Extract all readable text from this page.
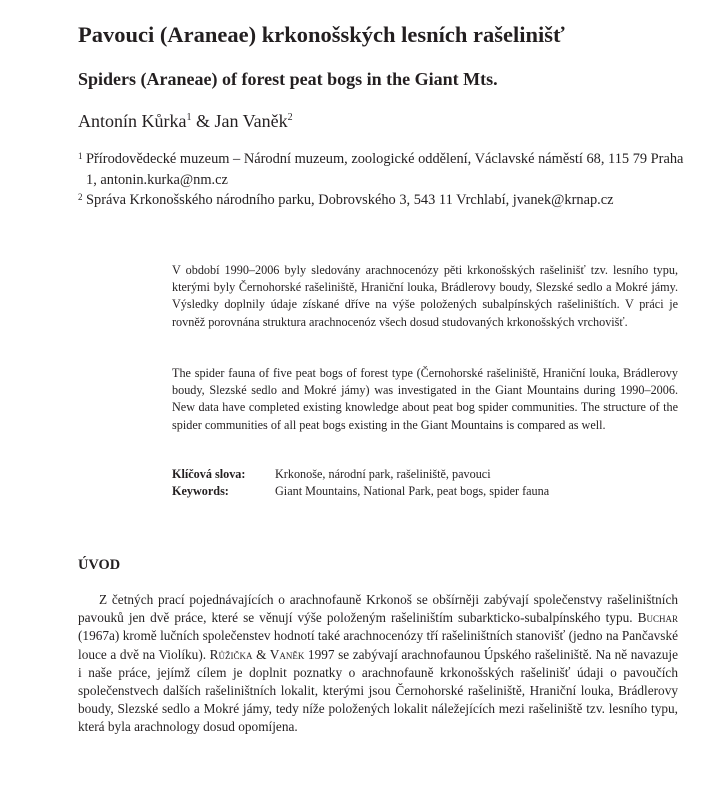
Pavouci (Araneae) krkonošských lesních rašelinišť
Spiders (Araneae) of forest peat bogs in the Giant Mts.
Antonín Kůrka$^1$ & Jan Vaněk$^2$
1 Přírodovědecké muzeum – Národní muzeum, zoologické oddělení, Václavské náměstí 68, 115 79 Praha 1, antonin.kurka@nm.cz
2 Správa Krkonošského národního parku, Dobrovského 3, 543 11 Vrchlabí, jvanek@krnap.cz

V období 1990–2006 byly sledovány arachnocenózy pěti krkonošských rašelinišť tzv. lesního typu, kterými byly Černohorské rašeliniště, Hraniční louka, Brádlerovy boudy, Slezské sedlo a Mokré jámy. Výsledky doplnily údaje získané dříve na výše položených subalpínských rašeliništích. V práci je rovněž porovnána struktura arachnocenóz všech dosud studovaných krkonošských vrchovišť.

The spider fauna of five peat bogs of forest type (Černohorské rašeliniště, Hraniční louka, Brádlerovy boudy, Slezské sedlo and Mokré jámy) was investigated in the Giant Mountains during 1990–2006. New data have completed existing knowledge about peat bog spider communities. The structure of the spider communities of all peat bogs existing in the Giant Mountains is compared as well.

Klíčová slova: Krkonoše, národní park, rašeliniště, pavouci
Keywords:	Giant Mountains, National Park, peat bogs, spider fauna
ÚVOD

Z četných prací pojednávajících o arachnofauně Krkonoš se obšírněji zabývají společenstvy rašeliništních pavouků jen dvě práce, které se věnují výše položeným rašeliništím subarkticko-subalpínského typu. Buchar (1967a) kromě lučních společenstev hodnotí také arachnocenózy tří rašeliništních stanovišť (jedno na Pančavské louce a dvě na Violíku). Růžička & Vaněk 1997 se zabývají arachnofaunou Úpského rašeliniště. Na ně navazuje i naše práce, jejímž cílem je doplnit poznatky o arachnofauně krkonošských rašelinišť údaji o pavoučích společenstvech dalších rašeliništních lokalit, kterými jsou Černohorské rašeliniště, Hraniční louka, Brádlerovy boudy, Slezské sedlo a Mokré jámy, tedy níže položených lokalit náležejících mezi rašeliniště tzv. lesního typu, která byla arachnology dosud opomíjena.
